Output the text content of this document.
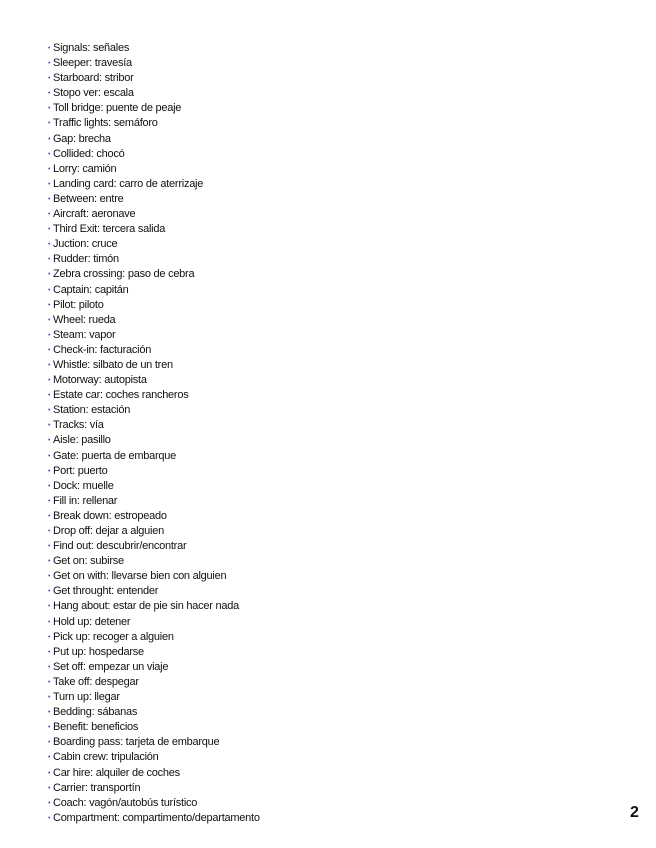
• Signals: señales
• Sleeper: travesía
• Starboard: stribor
• Stopo ver: escala
• Toll bridge: puente de peaje
• Traffic lights: semáforo
• Gap: brecha
• Collided: chocó
• Lorry: camión
• Landing card: carro de aterrizaje
• Between: entre
• Aircraft: aeronave
• Third Exit: tercera salida
• Juction: cruce
• Rudder: timón
• Zebra crossing: paso de cebra
• Captain: capitán
• Pilot: piloto
• Wheel: rueda
• Steam: vapor
• Check-in: facturación
• Whistle: silbato de un tren
• Motorway: autopista
• Estate car: coches rancheros
• Station: estación
• Tracks: vía
• Aisle: pasillo
• Gate: puerta de embarque
• Port: puerto
• Dock: muelle
• Fill in: rellenar
• Break down: estropeado
• Drop off: dejar a alguien
• Find out: descubrir/encontrar
• Get on: subirse
• Get on with: llevarse bien con alguien
• Get throught: entender
• Hang about: estar de pie sin hacer nada
• Hold up: detener
• Pick up: recoger a alguien
• Put up: hospedarse
• Set off: empezar un viaje
• Take off: despegar
• Turn up: llegar
• Bedding: sábanas
• Benefit: beneficios
• Boarding pass: tarjeta de embarque
• Cabin crew: tripulación
• Car hire: alquiler de coches
• Carrier: transportín
• Coach: vagón/autobús turístico
• Compartment: compartimento/departamento	2
